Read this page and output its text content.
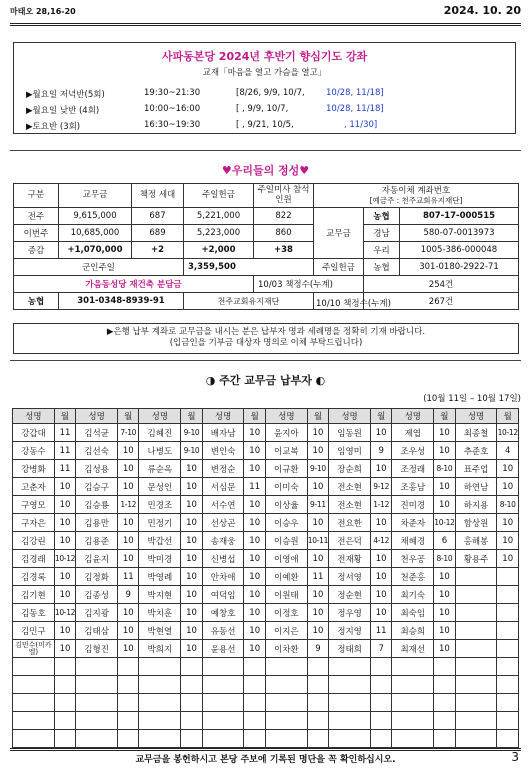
마태오 28,16-20	2024. 10. 20
사파동본당 2024년 후반기 향심기도 강좌
교재「마음을 열고 가슴을 열고」
▶월요일 저녁반(5회)	19:30~21:30	[8/26, 9/9, 10/7,	10/28, 11/18]
▶월요일 낮반 (4회)	10:00~16:00	[ , 9/9, 10/7,	10/28, 11/18]
▶토요반 (3회)	16:30~19:30	[ , 9/21, 10/5,	, 11/30]
♥우리들의 정성♥
구분	교무금	책정 세대	주일헌금	주일미사 참석인원	자동이체 계좌번호
[예금주 : 천주교회유지재단]		

전주	9,615,000	687	5,221,000	822	교무금	농협	807-17-000515
이번주	10,685,000	689	5,223,000	860		경남	580-07-0013973
증감	+1,070,000	+2	+2,000	+38		우리	1005-386-000048
군인주일			3,359,500		주일헌금	농협	301-0180-2922-71
가음동성당 재건축 분담금				10/03 책정수(누계)		254건	
농협	301-0348-8939-91		천주교회유지재단			10/10 책정수(누계) 267건	
▶은행 납부 계좌로 교무금을 내시는 분은 납부자 명과 세례명을 정확히 기재 바랍니다.
(입금인을 기부금 대상자 명의로 이체 부탁드립니다)
◑ 주간 교무금 납부자 ◐
(10월 11일 – 10월 17일)
성명	월	성명	월	성명	월	성명	월	성명	월	성명	월	성명	월	성명	월
강갑대	11	김석균	7-10	김혜진	9-10	배자남	10	윤지아	10	임동원	10	제엽	10	최종철	10-12
강동수	11	김선숙	10	나병도	9-10	변인숙	10	이교복	10	임영미	9	조우성	10	추준호	4
강병화	11	김성용	10	류순옥	10	변정순	10	이규환	9-10	장순희	10	조정래	8-10	표주업	10
고춘자	10	김승구	10	문성인	10	서심문	11	이미숙	10	전소현	9-12	조홍남	10	하연남	10
구영모	10	김승룡	1-12	민경조	10	서수연	10	이상율	9-11	전소현	1-12	진미경	10	하지용	8-10
구자은	10	김용만	10	민정기	10	선상곤	10	이승우	10	전요한	10	차준자	10-12	함상원	10
김강린	10	김용준	10	박갑선	10	송재웅	10	이승원	10-11	전은덕	4-12	채혜경	6	홍해봉	10
김경래	10-12	김윤지	10	박미경	10	신병섭	10	이영애	10	전재황	10	천우공	8-10	황용주	10
김경록	10	김정화	11	박영례	10	안차애	10	이예환	11	정서영	10	천준홍	10		
김기현	10	김종성	9	박지현	10	여덕임	10	이원태	10	정순현	10	최기숙	10		
김동호	10-12	김지광	10	박치훈	10	예창호	10	이정호	10	정우영	10	최숙임	10		
김민구	10	김태삼	10	박현열	10	유동선	10	이지은	10	정지영	11	최승희	10		
김민수(미카엘)	10	김형진	10	박희지	10	윤용선	10	이차환	9	정태희	7	최재선	10		

교무금을 봉헌하시고 본당 주보에 기록된 명단을 꼭 확인하십시오.	3
